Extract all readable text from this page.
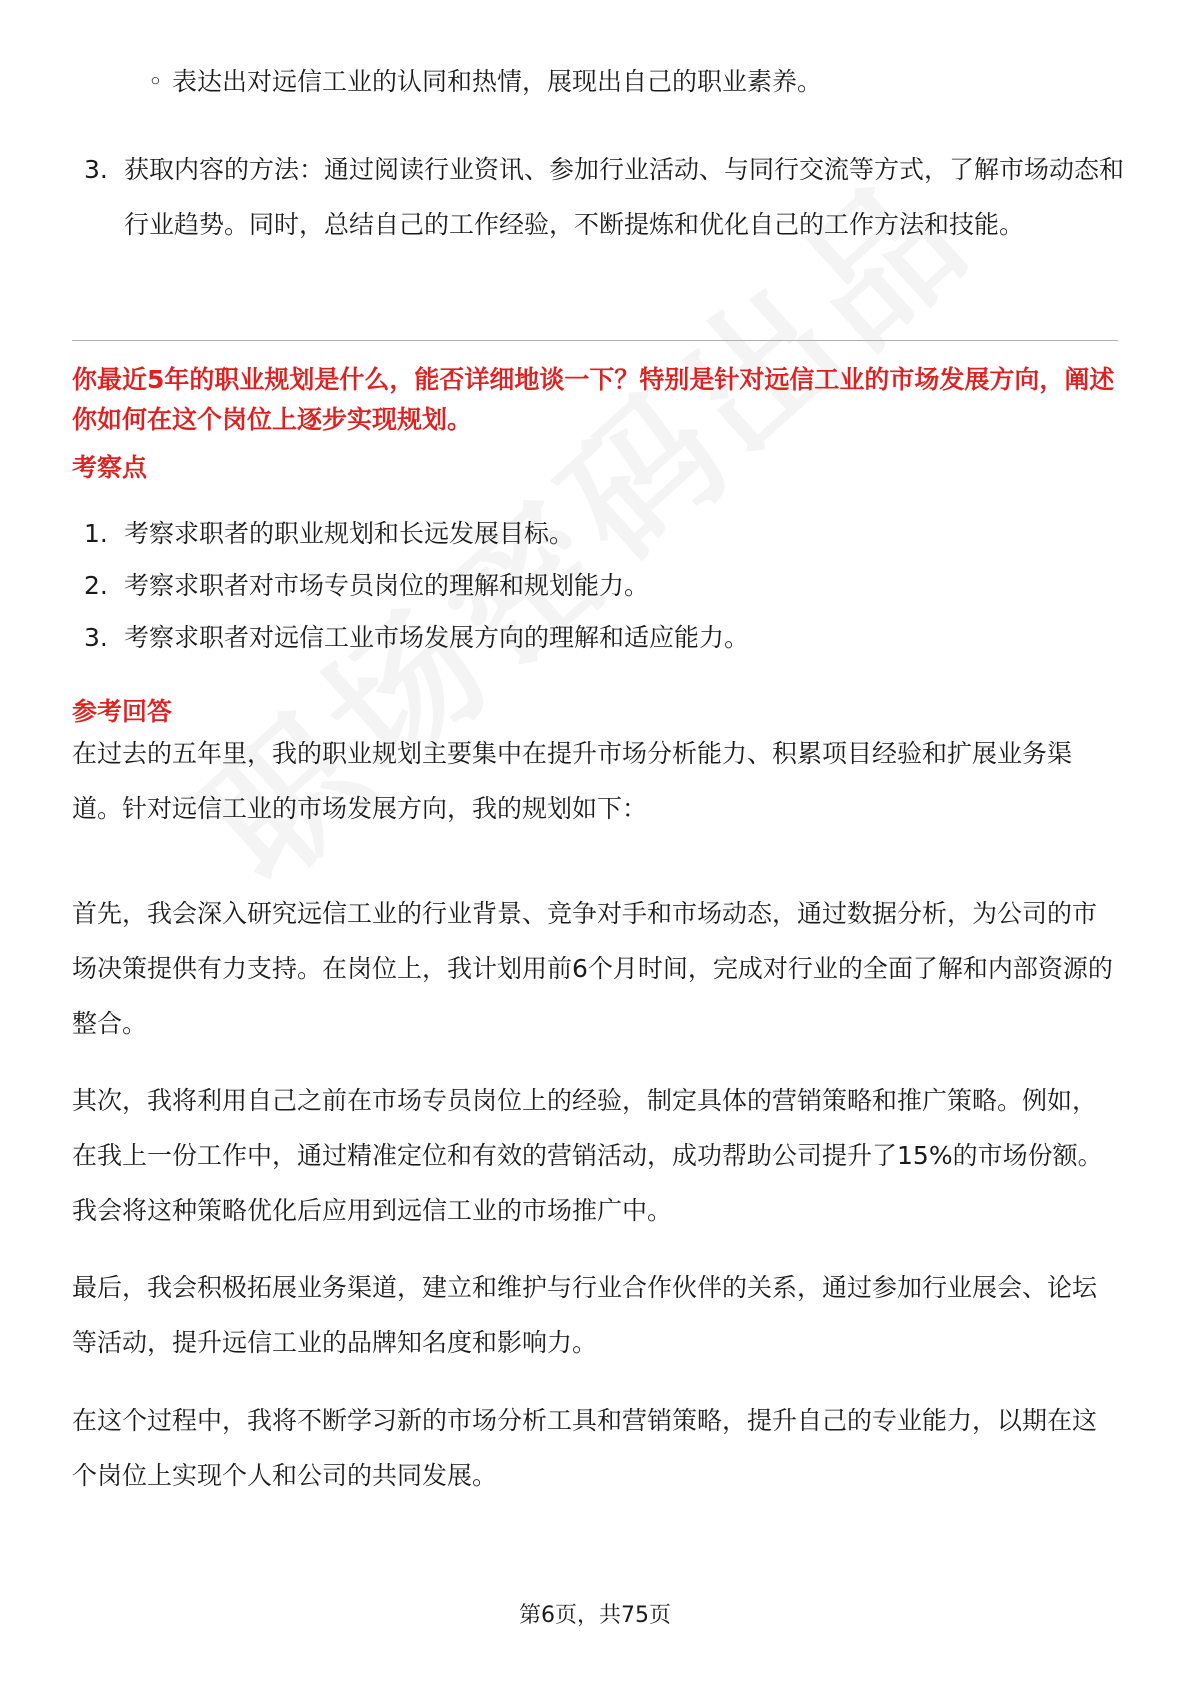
◦ 表达出对远信工业的认同和热情，展现出自己的职业素养。
3. 获取内容的方法：通过阅读行业资讯、参加行业活动、与同行交流等方式，了解市场动态和行业趋势。同时，总结自己的工作经验，不断提炼和优化自己的工作方法和技能。
你最近5年的职业规划是什么，能否详细地谈一下？特别是针对远信工业的市场发展方向，阐述你如何在这个岗位上逐步实现规划。
考察点
1. 考察求职者的职业规划和长远发展目标。
2. 考察求职者对市场专员岗位的理解和规划能力。
3. 考察求职者对远信工业市场发展方向的理解和适应能力。
参考回答
在过去的五年里，我的职业规划主要集中在提升市场分析能力、积累项目经验和扩展业务渠道。针对远信工业的市场发展方向，我的规划如下：
首先，我会深入研究远信工业的行业背景、竞争对手和市场动态，通过数据分析，为公司的市场决策提供有力支持。在岗位上，我计划用前6个月时间，完成对行业的全面了解和内部资源的整合。
其次，我将利用自己之前在市场专员岗位上的经验，制定具体的营销策略和推广策略。例如，在我上一份工作中，通过精准定位和有效的营销活动，成功帮助公司提升了15%的市场份额。我会将这种策略优化后应用到远信工业的市场推广中。
最后，我会积极拓展业务渠道，建立和维护与行业合作伙伴的关系，通过参加行业展会、论坛等活动，提升远信工业的品牌知名度和影响力。
在这个过程中，我将不断学习新的市场分析工具和营销策略，提升自己的专业能力，以期在这个岗位上实现个人和公司的共同发展。
第6页，共75页
